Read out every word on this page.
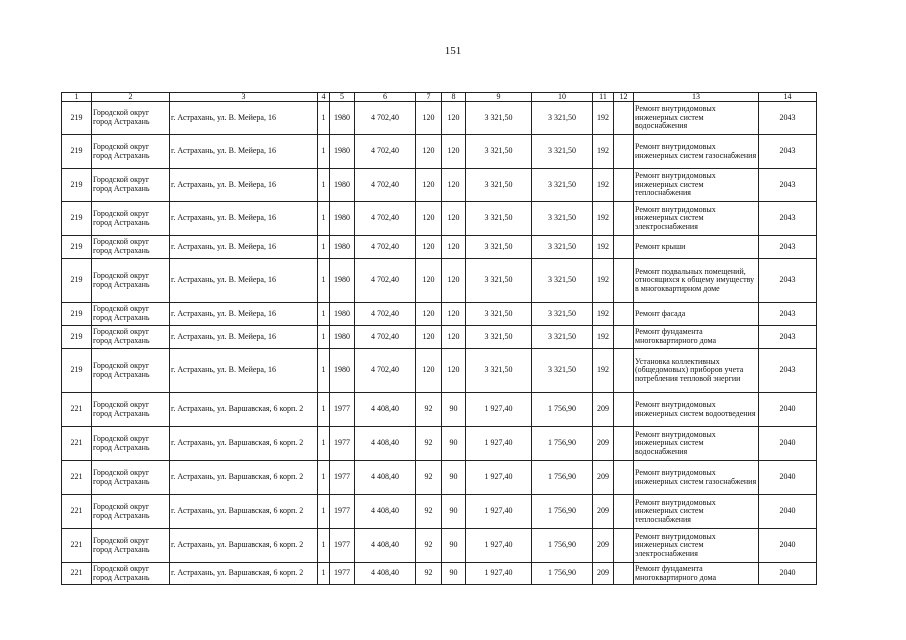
151
1	2	3	4	5	6	7	8	9	10	11	12	13	14
219	Городской округ город Астрахань	г. Астрахань, ул. В. Мейера, 16	1	1980	4 702,40	120	120	3 321,50	3 321,50	192		Ремонт внутридомовых инженерных систем водоснабжения	2043
219	Городской округ город Астрахань	г. Астрахань, ул. В. Мейера, 16	1	1980	4 702,40	120	120	3 321,50	3 321,50	192		Ремонт внутридомовых инженерных систем газоснабжения	2043
219	Городской округ город Астрахань	г. Астрахань, ул. В. Мейера, 16	1	1980	4 702,40	120	120	3 321,50	3 321,50	192		Ремонт внутридомовых инженерных систем теплоснабжения	2043
219	Городской округ город Астрахань	г. Астрахань, ул. В. Мейера, 16	1	1980	4 702,40	120	120	3 321,50	3 321,50	192		Ремонт внутридомовых инженерных систем электроснабжения	2043
219	Городской округ город Астрахань	г. Астрахань, ул. В. Мейера, 16	1	1980	4 702,40	120	120	3 321,50	3 321,50	192		Ремонт крыши	2043
219	Городской округ город Астрахань	г. Астрахань, ул. В. Мейера, 16	1	1980	4 702,40	120	120	3 321,50	3 321,50	192		Ремонт подвальных помещений, относящихся к общему имуществу в многоквартирном доме	2043
219	Городской округ город Астрахань	г. Астрахань, ул. В. Мейера, 16	1	1980	4 702,40	120	120	3 321,50	3 321,50	192		Ремонт фасада	2043
219	Городской округ город Астрахань	г. Астрахань, ул. В. Мейера, 16	1	1980	4 702,40	120	120	3 321,50	3 321,50	192		Ремонт фундамента многоквартирного дома	2043
219	Городской округ город Астрахань	г. Астрахань, ул. В. Мейера, 16	1	1980	4 702,40	120	120	3 321,50	3 321,50	192		Установка коллективных (общедомовых) приборов учета потребления тепловой энергии	2043
221	Городской округ город Астрахань	г. Астрахань, ул. Варшавская, 6 корп. 2	1	1977	4 408,40	92	90	1 927,40	1 756,90	209		Ремонт внутридомовых инженерных систем водоотведения	2040
221	Городской округ город Астрахань	г. Астрахань, ул. Варшавская, 6 корп. 2	1	1977	4 408,40	92	90	1 927,40	1 756,90	209		Ремонт внутридомовых инженерных систем водоснабжения	2040
221	Городской округ город Астрахань	г. Астрахань, ул. Варшавская, 6 корп. 2	1	1977	4 408,40	92	90	1 927,40	1 756,90	209		Ремонт внутридомовых инженерных систем газоснабжения	2040
221	Городской округ город Астрахань	г. Астрахань, ул. Варшавская, 6 корп. 2	1	1977	4 408,40	92	90	1 927,40	1 756,90	209		Ремонт внутридомовых инженерных систем теплоснабжения	2040
221	Городской округ город Астрахань	г. Астрахань, ул. Варшавская, 6 корп. 2	1	1977	4 408,40	92	90	1 927,40	1 756,90	209		Ремонт внутридомовых инженерных систем электроснабжения	2040
221	Городской округ город Астрахань	г. Астрахань, ул. Варшавская, 6 корп. 2	1	1977	4 408,40	92	90	1 927,40	1 756,90	209		Ремонт фундамента многоквартирного дома	2040
